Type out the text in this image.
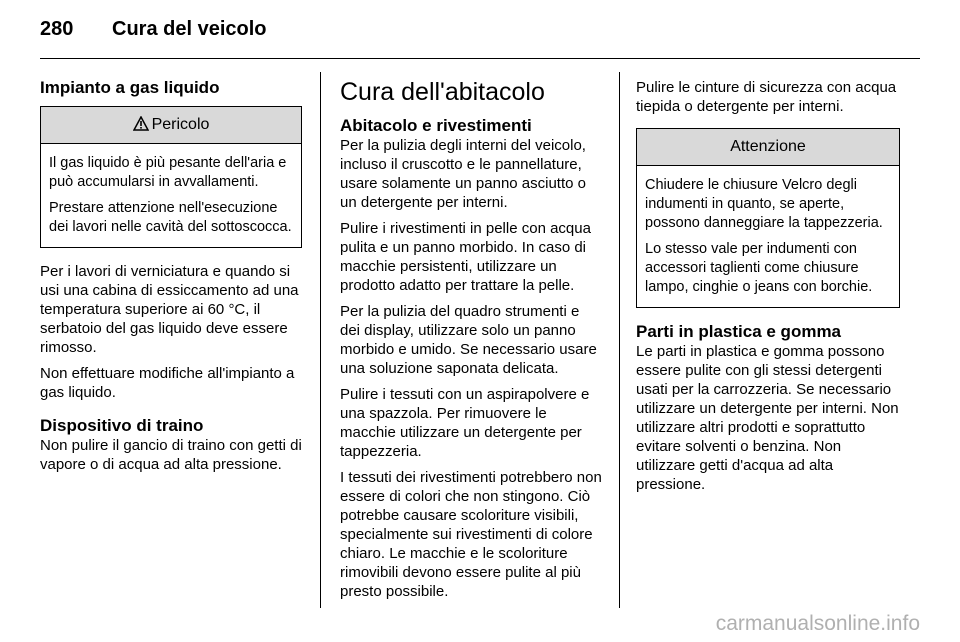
280 Cura del veicolo
Impianto a gas liquido
Pericolo

Il gas liquido è più pesante dell'aria e può accumularsi in avvallamenti.

Prestare attenzione nell'esecuzione dei lavori nelle cavità del sottoscocca.

Per i lavori di verniciatura e quando si usi una cabina di essiccamento ad una temperatura superiore ai 60 °C, il serbatoio del gas liquido deve essere rimosso.

Non effettuare modifiche all'impianto a gas liquido.

Dispositivo di traino

Non pulire il gancio di traino con getti di vapore o di acqua ad alta pressione.

Cura dell'abitacolo
Abitacolo e rivestimenti

Per la pulizia degli interni del veicolo, incluso il cruscotto e le pannellature, usare solamente un panno asciutto o un detergente per interni.

Pulire i rivestimenti in pelle con acqua pulita e un panno morbido. In caso di macchie persistenti, utilizzare un prodotto adatto per trattare la pelle.

Per la pulizia del quadro strumenti e dei display, utilizzare solo un panno morbido e umido. Se necessario usare una soluzione saponata delicata.

Pulire i tessuti con un aspirapolvere e una spazzola. Per rimuovere le macchie utilizzare un detergente per tappezzeria.

I tessuti dei rivestimenti potrebbero non essere di colori che non stingono. Ciò potrebbe causare scoloriture visibili, specialmente sui rivestimenti di colore chiaro. Le macchie e le scoloriture rimovibili devono essere pulite al più presto possibile.

Pulire le cinture di sicurezza con acqua tiepida o detergente per interni.

Attenzione

Chiudere le chiusure Velcro degli indumenti in quanto, se aperte, possono danneggiare la tappezzeria.

Lo stesso vale per indumenti con accessori taglienti come chiusure lampo, cinghie o jeans con borchie.

Parti in plastica e gomma

Le parti in plastica e gomma possono essere pulite con gli stessi detergenti usati per la carrozzeria. Se necessario utilizzare un detergente per interni. Non utilizzare altri prodotti e soprattutto evitare solventi o benzina. Non utilizzare getti d'acqua ad alta pressione.

carmanualsonline.info
